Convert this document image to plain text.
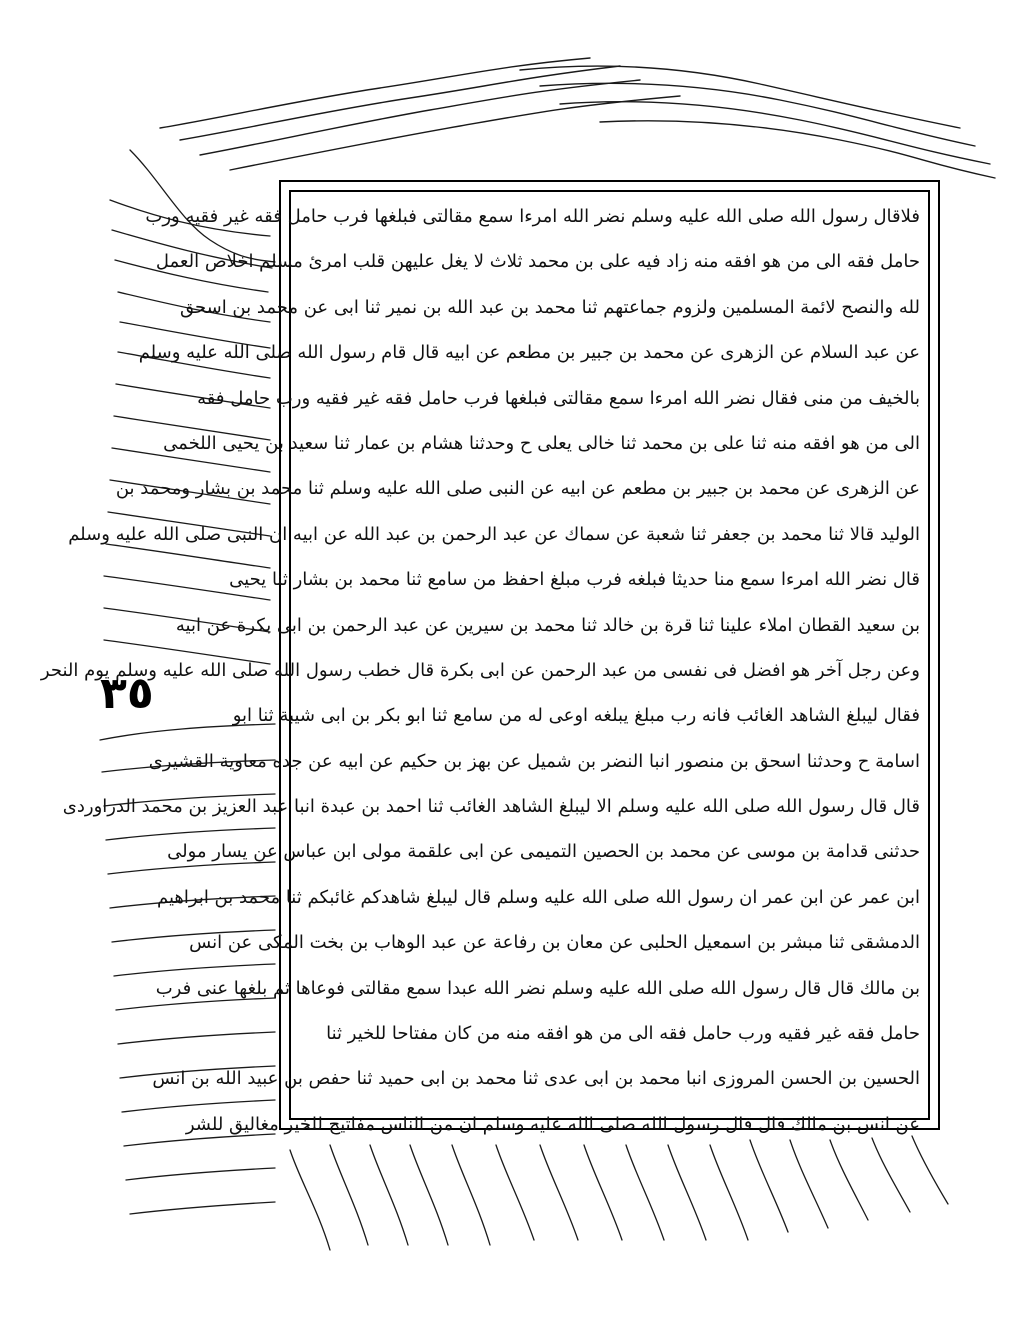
فلاقال رسول الله صلى الله عليه وسلم نضر الله امرءا سمع مقالتى فبلغها فرب حامل فقه غير فقيه ورب
حامل فقه الى من هو افقه منه زاد فيه على بن محمد ثلاث لا يغل عليهن قلب امرئ مسلم اخلاص العمل
لله والنصح لائمة المسلمين ولزوم جماعتهم ثنا محمد بن عبد الله بن نمير ثنا ابى عن محمد بن اسحق
عن عبد السلام عن الزهرى عن محمد بن جبير بن مطعم عن ابيه قال قام رسول الله صلى الله عليه وسلم
بالخيف من منى فقال نضر الله امرءا سمع مقالتى فبلغها فرب حامل فقه غير فقيه ورب حامل فقه
الى من هو افقه منه ثنا على بن محمد ثنا خالى يعلى ح وحدثنا هشام بن عمار ثنا سعيد بن يحيى اللخمى
عن الزهرى عن محمد بن جبير بن مطعم عن ابيه عن النبى صلى الله عليه وسلم ثنا محمد بن بشار ومحمد بن
الوليد قالا ثنا محمد بن جعفر ثنا شعبة عن سماك عن عبد الرحمن بن عبد الله عن ابيه ان النبى صلى الله عليه وسلم
قال نضر الله امرءا سمع منا حديثا فبلغه فرب مبلغ احفظ من سامع ثنا محمد بن بشار ثنا يحيى
بن سعيد القطان املاء علينا ثنا قرة بن خالد ثنا محمد بن سيرين عن عبد الرحمن بن ابى بكرة عن ابيه
وعن رجل آخر هو افضل فى نفسى من عبد الرحمن عن ابى بكرة قال خطب رسول الله صلى الله عليه وسلم يوم النحر
فقال ليبلغ الشاهد الغائب فانه رب مبلغ يبلغه اوعى له من سامع ثنا ابو بكر بن ابى شيبة ثنا ابو
اسامة ح وحدثنا اسحق بن منصور انبا النضر بن شميل عن بهز بن حكيم عن ابيه عن جده معاوية القشيرى
قال قال رسول الله صلى الله عليه وسلم الا ليبلغ الشاهد الغائب ثنا احمد بن عبدة انبا عبد العزيز بن محمد الدراوردى
حدثنى قدامة بن موسى عن محمد بن الحصين التميمى عن ابى علقمة مولى ابن عباس عن يسار مولى
ابن عمر عن ابن عمر ان رسول الله صلى الله عليه وسلم قال ليبلغ شاهدكم غائبكم ثنا محمد بن ابراهيم
الدمشقى ثنا مبشر بن اسمعيل الحلبى عن معان بن رفاعة عن عبد الوهاب بن بخت المكى عن انس
بن مالك قال قال رسول الله صلى الله عليه وسلم نضر الله عبدا سمع مقالتى فوعاها ثم بلغها عنى فرب
حامل فقه غير فقيه ورب حامل فقه الى من هو افقه منه من كان مفتاحا للخير ثنا
الحسين بن الحسن المروزى انبا محمد بن ابى عدى ثنا محمد بن ابى حميد ثنا حفص بن عبيد الله بن انس
عن انس بن مالك قال قال رسول الله صلى الله عليه وسلم ان من الناس مفاتيح للخير مغاليق للشر
٣٥
